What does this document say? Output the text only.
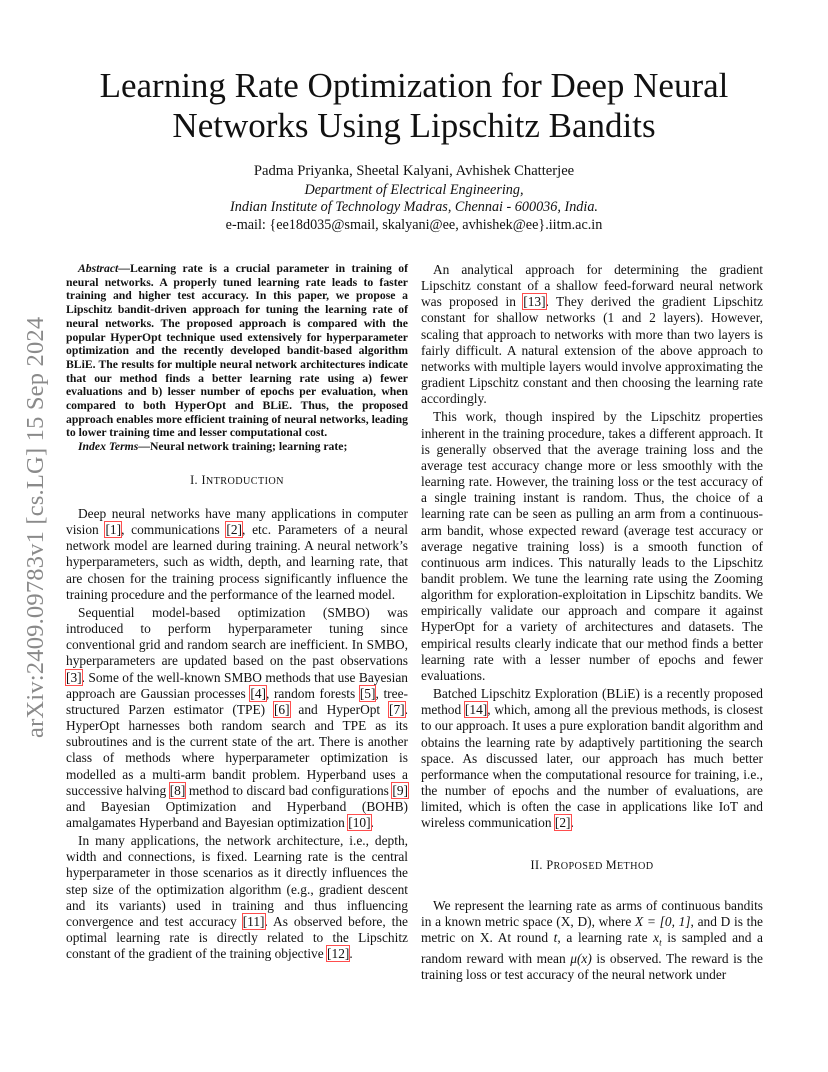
arXiv:2409.09783v1 [cs.LG] 15 Sep 2024
Learning Rate Optimization for Deep Neural
Networks Using Lipschitz Bandits
Padma Priyanka, Sheetal Kalyani, Avhishek Chatterjee
Department of Electrical Engineering,
Indian Institute of Technology Madras, Chennai - 600036, India.
e-mail: {ee18d035@smail, skalyani@ee, avhishek@ee}.iitm.ac.in

Abstract—Learning rate is a crucial parameter in training of neural networks. A properly tuned learning rate leads to faster training and higher test accuracy. In this paper, we propose a Lipschitz bandit-driven approach for tuning the learning rate of neural networks. The proposed approach is compared with the popular HyperOpt technique used extensively for hyperparameter optimization and the recently developed bandit-based algorithm BLiE. The results for multiple neural network architectures indicate that our method finds a better learning rate using a) fewer evaluations and b) lesser number of epochs per evaluation, when compared to both HyperOpt and BLiE. Thus, the proposed approach enables more efficient training of neural networks, leading to lower training time and lesser computational cost.

Index Terms—Neural network training; learning rate;

I. INTRODUCTION

Deep neural networks have many applications in computer vision [1], communications [2], etc. Parameters of a neural network model are learned during training. A neural network’s hyperparameters, such as width, depth, and learning rate, that are chosen for the training process significantly influence the training procedure and the performance of the learned model.

Sequential model-based optimization (SMBO) was introduced to perform hyperparameter tuning since conventional grid and random search are inefficient. In SMBO, hyperparameters are updated based on the past observations [3]. Some of the well-known SMBO methods that use Bayesian approach are Gaussian processes [4], random forests [5], tree-structured Parzen estimator (TPE) [6] and HyperOpt [7]. HyperOpt harnesses both random search and TPE as its subroutines and is the current state of the art. There is another class of methods where hyperparameter optimization is modelled as a multi-arm bandit problem. Hyperband uses a successive halving [8] method to discard bad configurations [9] and Bayesian Optimization and Hyperband (BOHB) amalgamates Hyperband and Bayesian optimization [10].

In many applications, the network architecture, i.e., depth, width and connections, is fixed. Learning rate is the central hyperparameter in those scenarios as it directly influences the step size of the optimization algorithm (e.g., gradient descent and its variants) used in training and thus influencing convergence and test accuracy [11]. As observed before, the optimal learning rate is directly related to the Lipschitz constant of the gradient of the training objective [12].

An analytical approach for determining the gradient Lipschitz constant of a shallow feed-forward neural network was proposed in [13]. They derived the gradient Lipschitz constant for shallow networks (1 and 2 layers). However, scaling that approach to networks with more than two layers is fairly difficult. A natural extension of the above approach to networks with multiple layers would involve approximating the gradient Lipschitz constant and then choosing the learning rate accordingly.

This work, though inspired by the Lipschitz properties inherent in the training procedure, takes a different approach. It is generally observed that the average training loss and the average test accuracy change more or less smoothly with the learning rate. However, the training loss or the test accuracy of a single training instant is random. Thus, the choice of a learning rate can be seen as pulling an arm from a continuous-arm bandit, whose expected reward (average test accuracy or average negative training loss) is a smooth function of continuous arm indices. This naturally leads to the Lipschitz bandit problem. We tune the learning rate using the Zooming algorithm for exploration-exploitation in Lipschitz bandits. We empirically validate our approach and compare it against HyperOpt for a variety of architectures and datasets. The empirical results clearly indicate that our method finds a better learning rate with a lesser number of epochs and fewer evaluations.

Batched Lipschitz Exploration (BLiE) is a recently proposed method [14], which, among all the previous methods, is closest to our approach. It uses a pure exploration bandit algorithm and obtains the learning rate by adaptively partitioning the search space. As discussed later, our approach has much better performance when the computational resource for training, i.e., the number of epochs and the number of evaluations, are limited, which is often the case in applications like IoT and wireless communication [2].

II. PROPOSED METHOD

We represent the learning rate as arms of continuous bandits in a known metric space (X, D), where X = [0, 1], and D is the metric on X. At round t, a learning rate $x_t$ is sampled and a random reward with mean μ(x) is observed. The reward is the training loss or test accuracy of the neural network under
